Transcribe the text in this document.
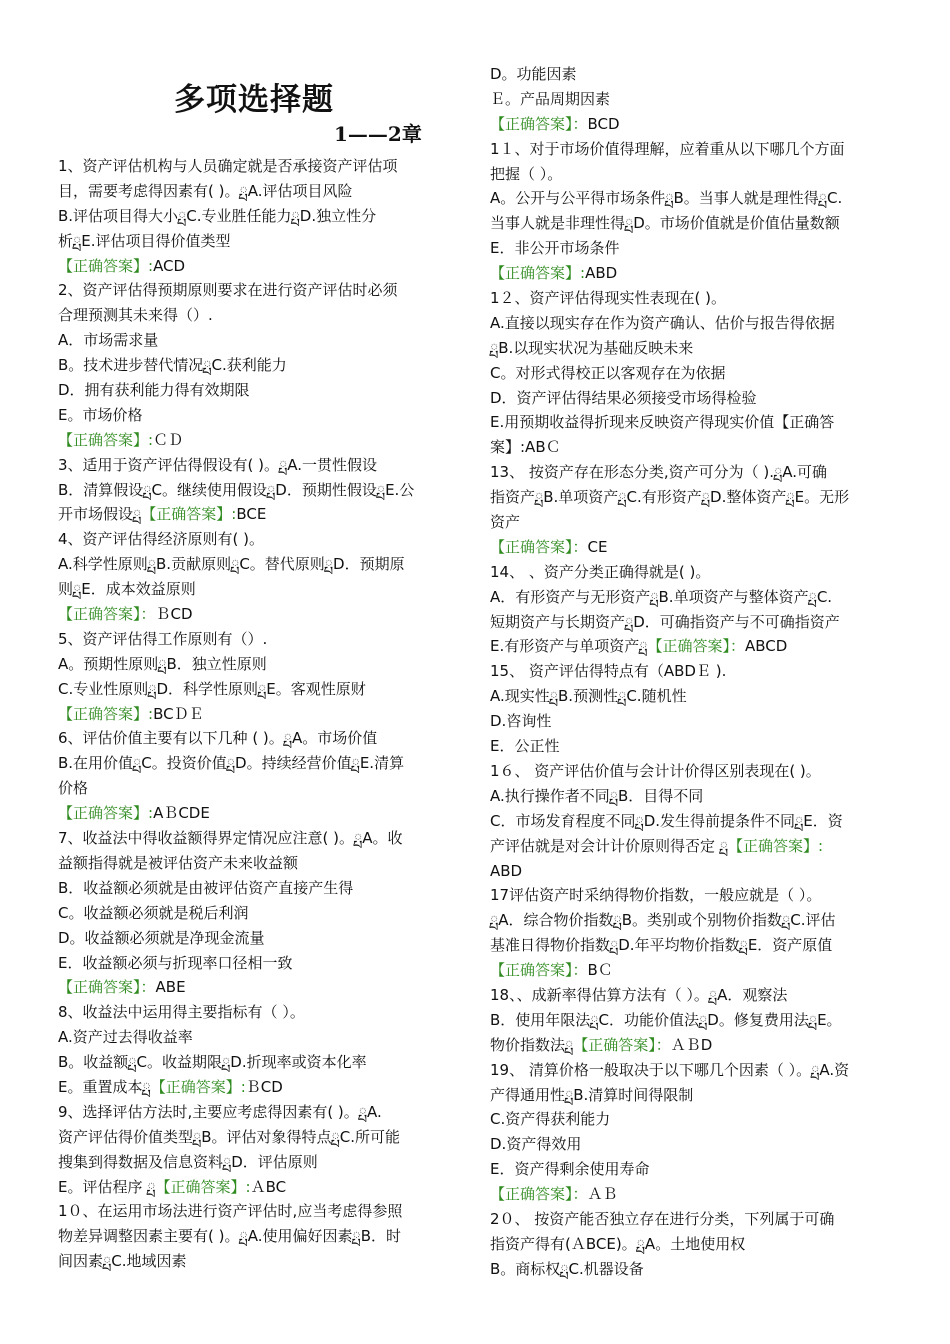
多项选择题
1——2章
1、资产评估机构与人员确定就是否承接资产评估项
目，需要考虑得因素有( )。ྤA.评估项目风险
B.评估项目得大小ྤC.专业胜任能力ྤD.独立性分
析ྤE.评估项目得价值类型
【正确答案】:ACD
2、资产评估得预期原则要求在进行资产评估时必须
合理预测其未来得（）.
A．市场需求量
B。技术进步替代情况ྤC.获利能力
D．拥有获利能力得有效期限
E。市场价格
【正确答案】:ＣＤ
3、适用于资产评估得假设有( )。ྤA.一贯性假设
B．清算假设ྤC。继续使用假设ྤD．预期性假设ྤE.公
开市场假设ྤ【正确答案】:BCE
4、资产评估得经济原则有( )。
A.科学性原则ྤB.贡献原则ྤC。替代原则ྤD．预期原
则ྤE．成本效益原则
【正确答案】：ＢCD
5、资产评估得工作原则有（）.
A。预期性原则ྤB．独立性原则
C.专业性原则ྤD．科学性原则ྤE。客观性原财
【正确答案】:BCＤＥ
6、评估价值主要有以下几种 ( )。ྤA。市场价值
B.在用价值ྤC。投资价值ྤD。持续经营价值ྤE.清算
价格
【正确答案】:AＢCDE
7、收益法中得收益额得界定情况应注意( )。ྤA。收
益额指得就是被评估资产未来收益额
B．收益额必须就是由被评估资产直接产生得
C。收益额必须就是税后利润
D。收益额必须就是净现金流量
E．收益额必须与折现率口径相一致
【正确答案】：ABE
8、收益法中运用得主要指标有（ ）。
A.资产过去得收益率
B。收益额ྤC。收益期限ྤD.折现率或资本化率
E。重置成本ྤ【正确答案】:ＢCD
9、选择评估方法时,主要应考虑得因素有( )。ྤA.
资产评估得价值类型ྤB。评估对象得特点ྤC.所可能
搜集到得数据及信息资料ྤD．评估原则
E。评估程序 ྤ【正确答案】:ＡBC
1０、在运用市场法进行资产评估时,应当考虑得参照
物差异调整因素主要有( )。ྤA.使用偏好因素ྤB．时
间因素ྤC.地域因素
D。功能因素
Ｅ。产品周期因素
【正确答案】：BCD
1１、对于市场价值得理解，应着重从以下哪几个方面
把握（ ）。
A。公开与公平得市场条件ྤB。当事人就是理性得ྤC.
当事人就是非理性得ྤD。市场价值就是价值估量数额
E．非公开市场条件
【正确答案】:ABD
1２、资产评估得现实性表现在( )。
A.直接以现实存在作为资产确认、估价与报告得依据
ྤB.以现实状况为基础反映未来
C。对形式得校正以客观存在为依据
D．资产评估得结果必须接受市场得检验
E.用预期收益得折现来反映资产得现实价值【正确答
案】:ABＣ
13、 按资产存在形态分类,资产可分为（ ).ྤA.可确
指资产ྤB.单项资产ྤC.有形资产ྤD.整体资产ྤE。无形
资产
【正确答案】：CE
14、 、资产分类正确得就是( )。
A．有形资产与无形资产ྤB.单项资产与整体资产ྤC.
短期资产与长期资产ྤD．可确指资产与不可确指资产
E.有形资产与单项资产ྤ【正确答案】：ABCD
15、 资产评估得特点有（ABDＥ ).
A.现实性ྤB.预测性ྤC.随机性
D.咨询性
E．公正性
1６、 资产评估价值与会计计价得区别表现在( )。
A.执行操作者不同ྤB．目得不同
C．市场发育程度不同ྤD.发生得前提条件不同ྤE．资
产评估就是对会计计价原则得否定 ྤ【正确答案】:
ABD
17评估资产时采纳得物价指数，一般应就是（ ）。
ྤA．综合物价指数ྤB。类别或个别物价指数ྤC.评估
基准日得物价指数ྤD.年平均物价指数ྤE．资产原值
【正确答案】：BＣ
18、、成新率得估算方法有（ ）。ྤA．观察法
B．使用年限法ྤC．功能价值法ྤD。修复费用法ྤE。
物价指数法ྤ【正确答案】：ＡＢD
19、 清算价格一般取决于以下哪几个因素（ ）。ྤA.资
产得通用性ྤB.清算时间得限制
C.资产得获利能力
D.资产得效用
E．资产得剩余使用寿命
【正确答案】：ＡＢ
2０、 按资产能否独立存在进行分类，下列属于可确
指资产得有(ＡBCE)。ྤA。土地使用权
B。商标权ྤC.机器设备
